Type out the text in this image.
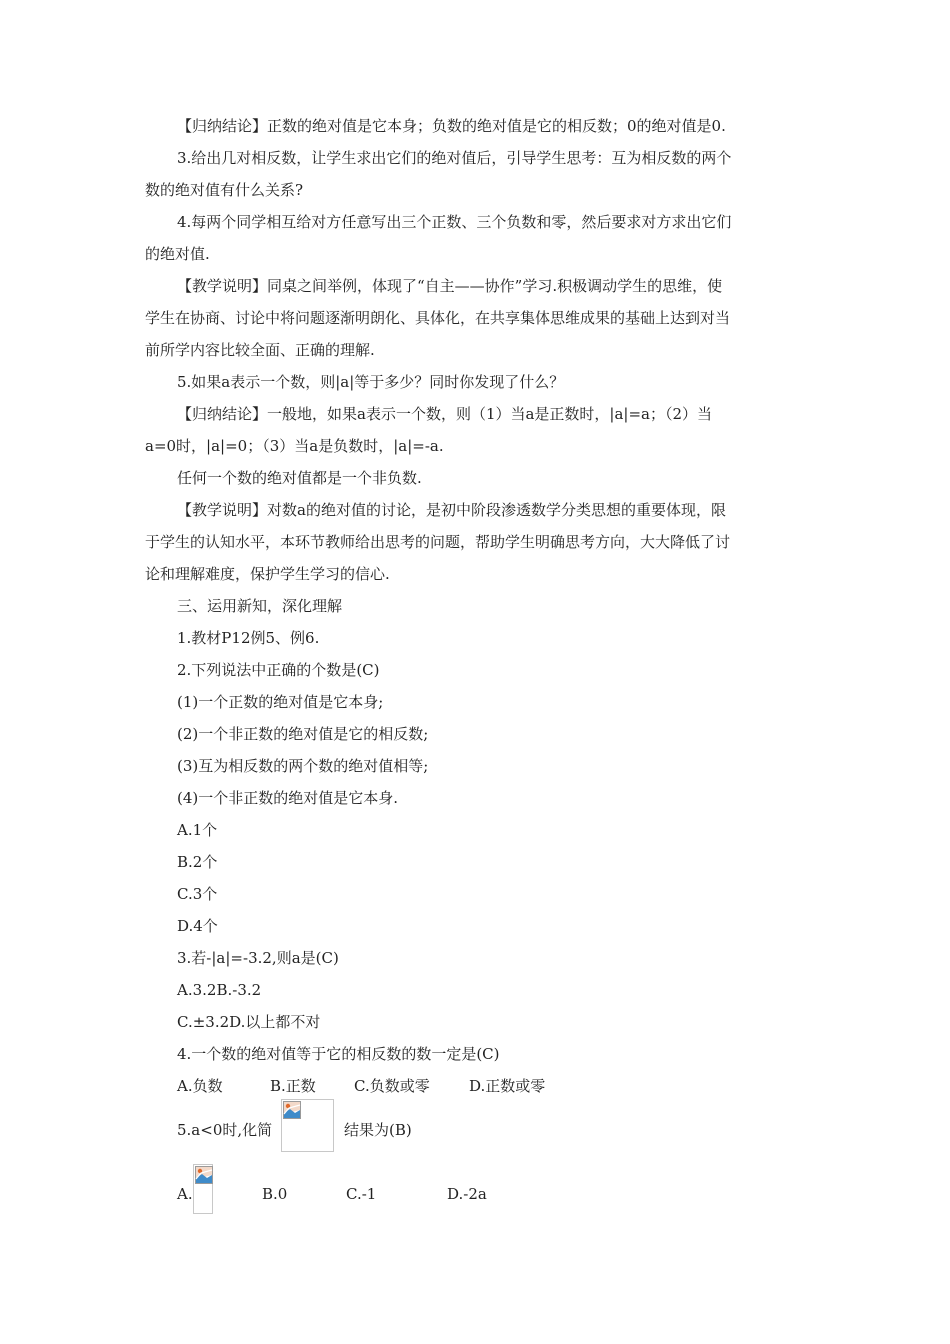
【归纳结论】正数的绝对值是它本身；负数的绝对值是它的相反数；0的绝对值是0.

3.给出几对相反数，让学生求出它们的绝对值后，引导学生思考：互为相反数的两个

数的绝对值有什么关系?

4.每两个同学相互给对方任意写出三个正数、三个负数和零，然后要求对方求出它们

的绝对值.

【教学说明】同桌之间举例，体现了“自主——协作”学习.积极调动学生的思维，使

学生在协商、讨论中将问题逐渐明朗化、具体化，在共享集体思维成果的基础上达到对当

前所学内容比较全面、正确的理解.

5.如果a表示一个数，则|a|等于多少？同时你发现了什么？

【归纳结论】一般地，如果a表示一个数，则（1）当a是正数时，|a|=a；（2）当

a=0时，|a|=0；（3）当a是负数时，|a|=-a.

任何一个数的绝对值都是一个非负数.

【教学说明】对数a的绝对值的讨论，是初中阶段渗透数学分类思想的重要体现，限

于学生的认知水平，本环节教师给出思考的问题，帮助学生明确思考方向，大大降低了讨

论和理解难度，保护学生学习的信心.

三、运用新知，深化理解

1.教材P12例5、例6.

2.下列说法中正确的个数是(C)

(1)一个正数的绝对值是它本身;

(2)一个非正数的绝对值是它的相反数;

(3)互为相反数的两个数的绝对值相等;

(4)一个非正数的绝对值是它本身.

A.1个

B.2个

C.3个

D.4个

3.若-|a|=-3.2,则a是(C)

A.3.2B.-3.2

C.±3.2D.以上都不对

4.一个数的绝对值等于它的相反数的数一定是(C)

A.负数	B.正数	C.负数或零	D.正数或零
5.a<0时,化简	结果为(B)
A.	B.0	C.-1	D.-2a
